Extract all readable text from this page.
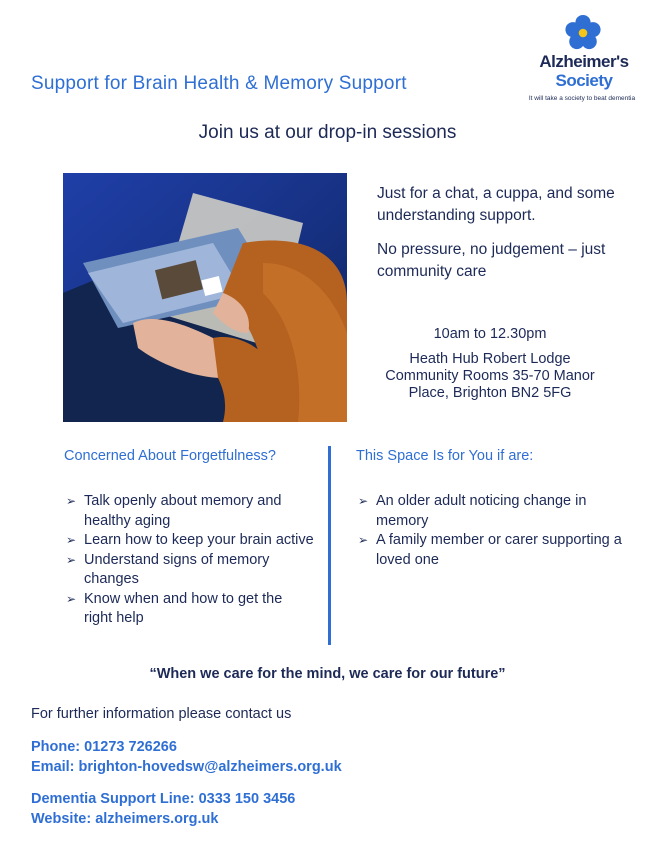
Support for Brain Health & Memory Support
Alzheimer's
Society
It will take a society to beat dementia
Join us at our drop-in sessions

Just for a chat, a cuppa, and some understanding support.

No pressure, no judgement – just community care

10am to 12.30pm
Heath Hub Robert Lodge
Community Rooms 35-70 Manor
Place, Brighton BN2 5FG
Concerned About Forgetfulness?
➢ Talk openly about memory and healthy aging
➢ Learn how to keep your brain active
➢ Understand signs of memory changes
➢ Know when and how to get the right help
This Space Is for You if are:
➢ An older adult noticing change in memory
➢ A family member or carer supporting a loved one
“When we care for the mind, we care for our future”
For further information please contact us
Phone: 01273 726266
Email: brighton-hovedsw@alzheimers.org.uk
Dementia Support Line: 0333 150 3456
Website: alzheimers.org.uk
